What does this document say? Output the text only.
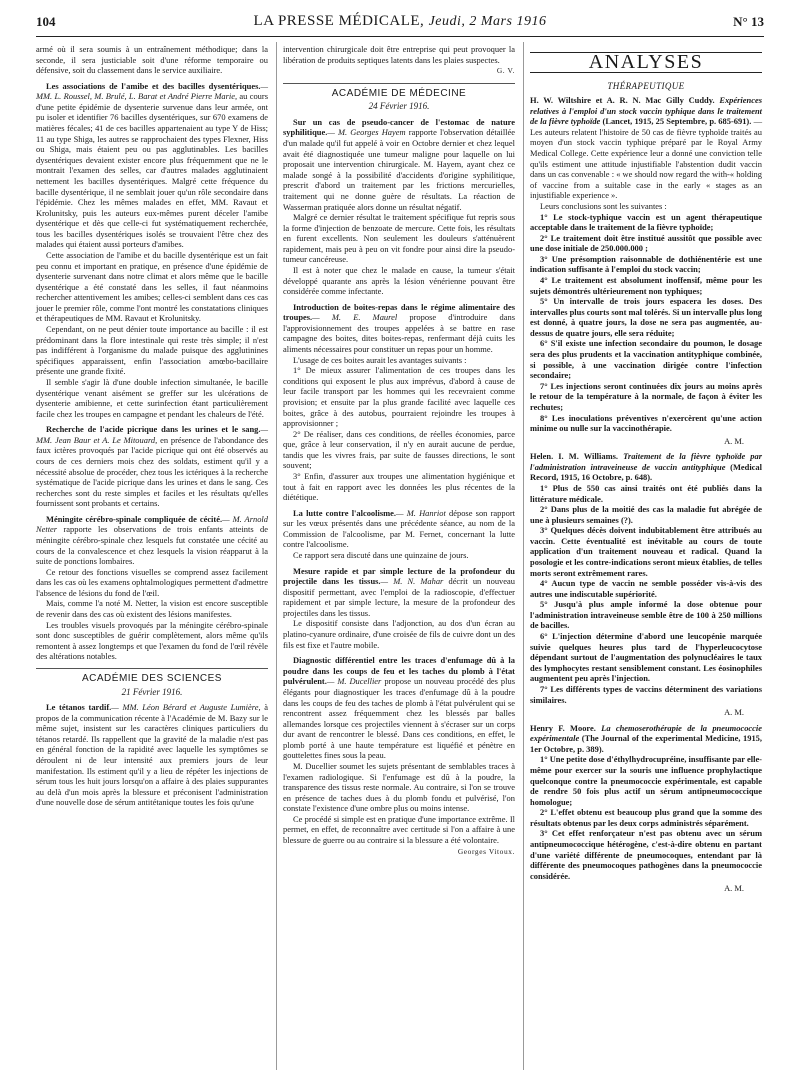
104	LA PRESSE MÉDICALE, Jeudi, 2 Mars 1916	N° 13

armé où il sera soumis à un entraînement méthodique; dans la seconde, il sera justiciable soit d'une réforme temporaire ou défensive, soit du classement dans le service auxiliaire.

Les associations de l'amibe et des bacilles dysentériques.— MM. L. Roussel, M. Brulé, L. Barat et André Pierre Marie, au cours d'une petite épidémie de dysenterie survenue dans leur armée, ont pu isoler et identifier 76 bacilles dysentériques, sur 670 examens de matières fécales; 41 de ces bacilles appartenaient au type Y de Hiss; 11 au type Shiga, les autres se rapprochaient des types Flexner, Hiss ou Shiga, mais étaient peu ou pas agglutinables. Les bacilles dysentériques devaient exister encore plus fréquemment que ne le montrait l'examen des selles, car d'autres malades agglutinaient nettement les bacilles dysentériques. Malgré cette fréquence du bacille dysentérique, il ne semblait jouer qu'un rôle secondaire dans l'épidémie. Chez les mêmes malades en effet, MM. Ravaut et Krolunitsky, puis les auteurs eux-mêmes purent déceler l'amibe dysentérique et dès que celle-ci fut systématiquement recherchée, tous les bacilles dysentériques isolés se trouvaient l'être chez des malades qui étaient aussi porteurs d'amibes.

Cette association de l'amibe et du bacille dysentérique est un fait peu connu et important en pratique, en présence d'une épidémie de dysenterie survenant dans notre climat et alors même que le bacille dysentérique a été constaté dans les selles, il faut néanmoins rechercher attentivement les amibes; celles-ci semblent dans ces cas jouer le premier rôle, comme l'ont montré les constatations cliniques et thérapeutiques de MM. Ravaut et Krolunitsky.

Cependant, on ne peut dénier toute importance au bacille : il est prédominant dans la flore intestinale qui reste très simple; il n'est pas indifférent à l'organisme du malade puisque des agglutinines spécifiques apparaissent, enfin l'association amœbo-bacillaire présente une grande fixité.

Il semble s'agir là d'une double infection simultanée, le bacille dysentérique venant aisément se greffer sur les ulcérations de dysenterie amibienne, et cette surinfection étant particulièrement facile chez les troupes en campagne et pendant les chaleurs de l'été.

Recherche de l'acide picrique dans les urines et le sang.— MM. Jean Baur et A. Le Mitouard, en présence de l'abondance des faux ictères provoqués par l'acide picrique qui ont été observés au cours de ces derniers mois chez des soldats, estiment qu'il y a nécessité absolue de procéder, chez tous les ictériques à la recherche systématique de l'acide picrique dans les urines et dans le sang. Ces recherches sont du reste simples et faciles et les résultats qu'elles fournissent sont probants et certains.

Méningite cérébro-spinale compliquée de cécité.— M. Arnold Netter rapporte les observations de trois enfants atteints de méningite cérébro-spinale chez lesquels fut constatée une cécité au cours de la convalescence et chez lesquels la vision réapparut à la suite de ponctions lombaires.

Ce retour des fonctions visuelles se comprend assez facilement dans les cas où les examens ophtalmologiques permettent d'admettre l'absence de lésions du fond de l'œil.

Mais, comme l'a noté M. Netter, la vision est encore susceptible de revenir dans des cas où existent des lésions manifestes.

Les troubles visuels provoqués par la méningite cérébro-spinale sont donc susceptibles de guérir complètement, alors même qu'ils remontent à assez longtemps et que l'examen du fond de l'œil révèle des altérations notables.

ACADÉMIE DES SCIENCES
21 Février 1916.

Le tétanos tardif.— MM. Léon Bérard et Auguste Lumière, à propos de la communication récente à l'Académie de M. Bazy sur le même sujet, insistent sur les caractères cliniques particuliers du tétanos retardé. Ils rappellent que la gravité de la maladie n'est pas en général fonction de la rapidité avec laquelle les symptômes se déroulent ni de leur intensité aux premiers jours de leur manifestation. Ils estiment qu'il y a lieu de répéter les injections de sérum tous les huit jours lorsqu'on a affaire à des plaies suppurantes au delà d'un mois après la blessure et préconisent l'administration d'une nouvelle dose de sérum antitétanique toutes les fois qu'une

intervention chirurgicale doit être entreprise qui peut provoquer la libération de produits septiques latents dans les plaies suspectes.

G. V.
ACADÉMIE DE MÉDECINE
24 Février 1916.

Sur un cas de pseudo-cancer de l'estomac de nature syphilitique.— M. Georges Hayem rapporte l'observation détaillée d'un malade qu'il fut appelé à voir en Octobre dernier et chez lequel avait été diagnostiquée une tumeur maligne pour laquelle on lui proposait une intervention chirurgicale. M. Hayem, ayant chez ce malade songé à la possibilité d'accidents d'origine syphilitique, prescrit d'abord un traitement par les frictions mercurielles, traitement qui ne donne guère de résultats. La réaction de Wasserman pratiquée alors donne un résultat négatif.

Malgré ce dernier résultat le traitement spécifique fut repris sous la forme d'injection de benzoate de mercure. Cette fois, les résultats en furent excellents. Non seulement les douleurs s'atténuèrent rapidement, mais peu à peu on vit fondre pour ainsi dire la pseudo-tumeur cancéreuse.

Il est à noter que chez le malade en cause, la tumeur s'était développé quarante ans après la lésion vénérienne pouvant être considérée comme infectante.

Introduction de boites-repas dans le régime alimentaire des troupes.— M. E. Maurel propose d'introduire dans l'approvisionnement des troupes appelées à se battre en rase campagne des boites, dites boites-repas, renfermant déjà cuits les aliments nécessaires pour constituer un repas pour un homme.

L'usage de ces boites aurait les avantages suivants :

1° De mieux assurer l'alimentation de ces troupes dans les conditions qui exposent le plus aux imprévus, d'abord à cause de leur facile transport par les hommes qui les recevraient comme provision; et ensuite par la plus grande facilité avec laquelle ces boites, grâce à des autobus, pourraient rejoindre les troupes à approvisionner ;

2° De réaliser, dans ces conditions, de réelles économies, parce que, grâce à leur conservation, il n'y en aurait aucune de perdue, tandis que les vivres frais, par suite de fausses directions, le sont souvent;

3° Enfin, d'assurer aux troupes une alimentation hygiénique et tout à fait en rapport avec les données les plus récentes de la diététique.

La lutte contre l'alcoolisme.— M. Hanriot dépose son rapport sur les vœux présentés dans une précédente séance, au nom de la Commission de l'alcoolisme, par M. Fernet, concernant la lutte contre l'alcoolisme.

Ce rapport sera discuté dans une quinzaine de jours.

Mesure rapide et par simple lecture de la profondeur du projectile dans les tissus.— M. N. Mahar décrit un nouveau dispositif permettant, avec l'emploi de la radioscopie, d'effectuer rapidement et par simple lecture, la mesure de la profondeur des projectiles dans les tissus.

Le dispositif consiste dans l'adjonction, au dos d'un écran au platino-cyanure ordinaire, d'une croisée de fils de cuivre dont un des fils est fixe et l'autre mobile.

Diagnostic différentiel entre les traces d'enfumage dû à la poudre dans les coups de feu et les taches du plomb à l'état pulvérulent.— M. Ducellier propose un nouveau procédé des plus élégants pour diagnostiquer les traces d'enfumage dû à la poudre dans les coups de feu des taches de plomb à l'état pulvérulent qui se rencontrent assez fréquemment chez les blessés par balles allemandes lorsque ces projectiles viennent à s'écraser sur un corps dur avant de rencontrer le blessé. Dans ces conditions, en effet, le plomb porté à une haute température est liquéfié et pénètre en gouttelettes fines sous la peau.

M. Ducellier soumet les sujets présentant de semblables traces à l'examen radiologique. Si l'enfumage est dû à la poudre, la transparence des tissus reste normale. Au contraire, si l'on se trouve en présence de taches dues à du plomb fondu et pulvérisé, l'on constate l'existence d'une ombre plus ou moins intense.

Ce procédé si simple est en pratique d'une importance extrême. Il permet, en effet, de reconnaître avec certitude si l'on a affaire à une blessure de guerre ou au contraire si la blessure a été volontaire.

Georges Vitoux.
ANALYSES
THÉRAPEUTIQUE

H. W. Wiltshire et A. R. N. Mac Gilly Cuddy. Expériences relatives à l'emploi d'un stock vaccin typhique dans le traitement de la fièvre typhoïde (Lancet, 1915, 25 Septembre, p. 685-691). — Les auteurs relatent l'histoire de 50 cas de fièvre typhoïde traités au moyen d'un stock vaccin typhique préparé par le Royal Army Medical College. Cette expérience leur a donné une conviction telle qu'ils estiment une attitude injustifiable l'abstention dudit vaccin dans un cas convenable : « we should now regard the with-« holding of vaccine from a suitable case in the early « stages as an injustifiable experience ».

Leurs conclusions sont les suivantes :

1° Le stock-typhique vaccin est un agent thérapeutique acceptable dans le traitement de la fièvre typhoïde;

2° Le traitement doit être institué aussitôt que possible avec une dose initiale de 250.000.000 ;

3° Une présomption raisonnable de dothiénentérie est une indication suffisante à l'emploi du stock vaccin;

4° Le traitement est absolument inoffensif, même pour les sujets démontrés ultérieurement non typhiques;

5° Un intervalle de trois jours espacera les doses. Des intervalles plus courts sont mal tolérés. Si un intervalle plus long est donné, à quatre jours, la dose ne sera pas augmentée, au-dessus de quatre jours, elle sera réduite;

6° S'il existe une infection secondaire du poumon, le dosage sera des plus prudents et la vaccination antityphique combinée, si possible, à une vaccination dirigée contre l'infection secondaire;

7° Les injections seront continuées dix jours au moins après le retour de la température à la normale, de façon à éviter les rechutes;

8° Les inoculations préventives n'exercèrent qu'une action minime ou nulle sur la vaccinothérapie.

A. M.

Helen. I. M. Williams. Traitement de la fièvre typhoïde par l'administration intraveineuse de vaccin antityphique (Medical Record, 1915, 16 Octobre, p. 648).

1° Plus de 550 cas ainsi traités ont été publiés dans la littérature médicale.

2° Dans plus de la moitié des cas la maladie fut abrégée de une à plusieurs semaines (?).

3° Quelques décès doivent indubitablement être attribués au vaccin. Cette éventualité est inévitable au cours de toute application d'un traitement nouveau et radical. Quand la posologie et les contre-indications seront mieux établies, de telles morts seront extrêmement rares.

4° Aucun type de vaccin ne semble posséder vis-à-vis des autres une indiscutable supériorité.

5° Jusqu'à plus ample informé la dose obtenue pour l'administration intraveineuse semble être de 100 à 250 millions de bacilles.

6° L'injection détermine d'abord une leucopénie marquée suivie quelques heures plus tard de l'hyperleucocytose dépendant surtout de l'augmentation des polynucléaires le taux des lymphocytes restant sensiblement constant. Les éosinophiles augmentent peu après l'injection.

7° Les différents types de vaccins déterminent des variations similaires.

A. M.

Henry F. Moore. La chemoserothérapie de la pneumococcie expérimentale (The Journal of the experimental Medicine, 1915, 1er Octobre, p. 389).

1° Une petite dose d'éthylhydrocupréine, insuffisante par elle-même pour exercer sur la souris une influence prophylactique quelconque contre la pneumococcie expérimentale, est capable de rendre 50 fois plus actif un sérum antipneumococcique homologue;

2° L'effet obtenu est beaucoup plus grand que la somme des résultats obtenus par les deux corps administrés séparément.

3° Cet effet renforçateur n'est pas obtenu avec un sérum antipneumococcique hétérogène, c'est-à-dire obtenu en partant d'une variété différente de pneumocoques, entendant par là différente des pneumocoques pathogènes dans la pneumococcie considérée.

A. M.
